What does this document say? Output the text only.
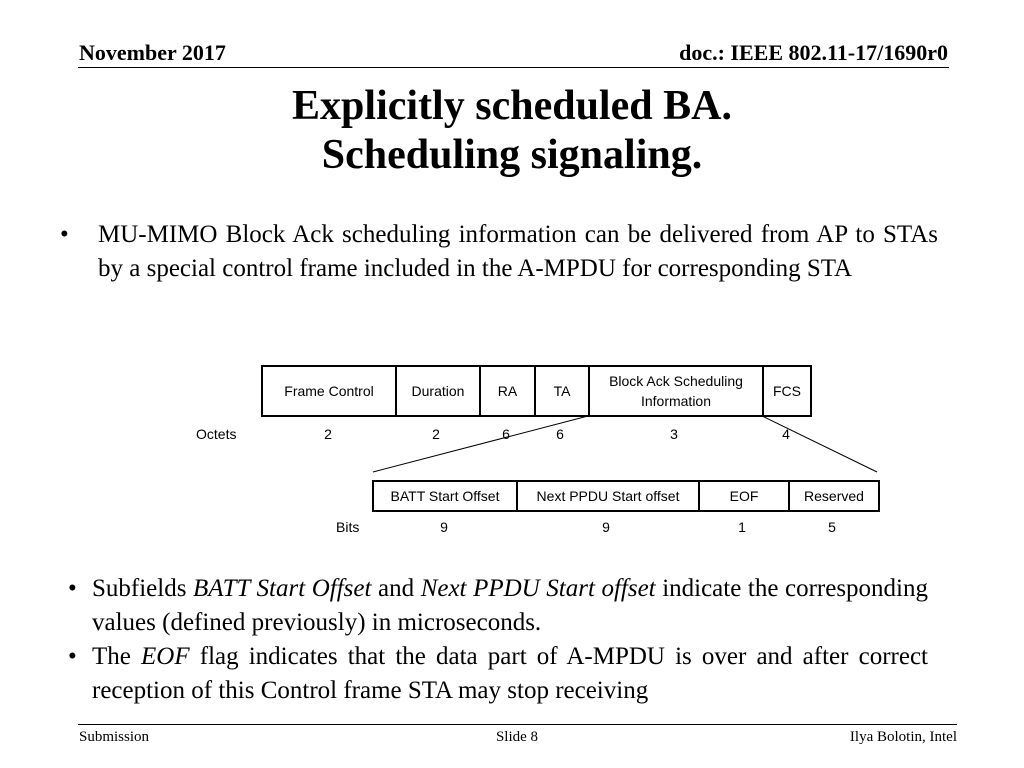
November 2017	doc.: IEEE 802.11-17/1690r0
Explicitly scheduled BA.
Scheduling signaling.
• MU-MIMO Block Ack scheduling information can be delivered from AP to STAs by a special control frame included in the A-MPDU for corresponding STA
Frame Control	Duration	RA	TA	Block Ack Scheduling Information	FCS
Octets	2	2	6	6	3	4
BATT Start Offset	Next PPDU Start offset	EOF	Reserved
Bits	9	9	1	5

• Subfields BATT Start Offset and Next PPDU Start offset indicate the corresponding values (defined previously) in microseconds.

• The EOF flag indicates that the data part of A-MPDU is over and after correct reception of this Control frame STA may stop receiving

Submission	Slide 8	Ilya Bolotin, Intel
